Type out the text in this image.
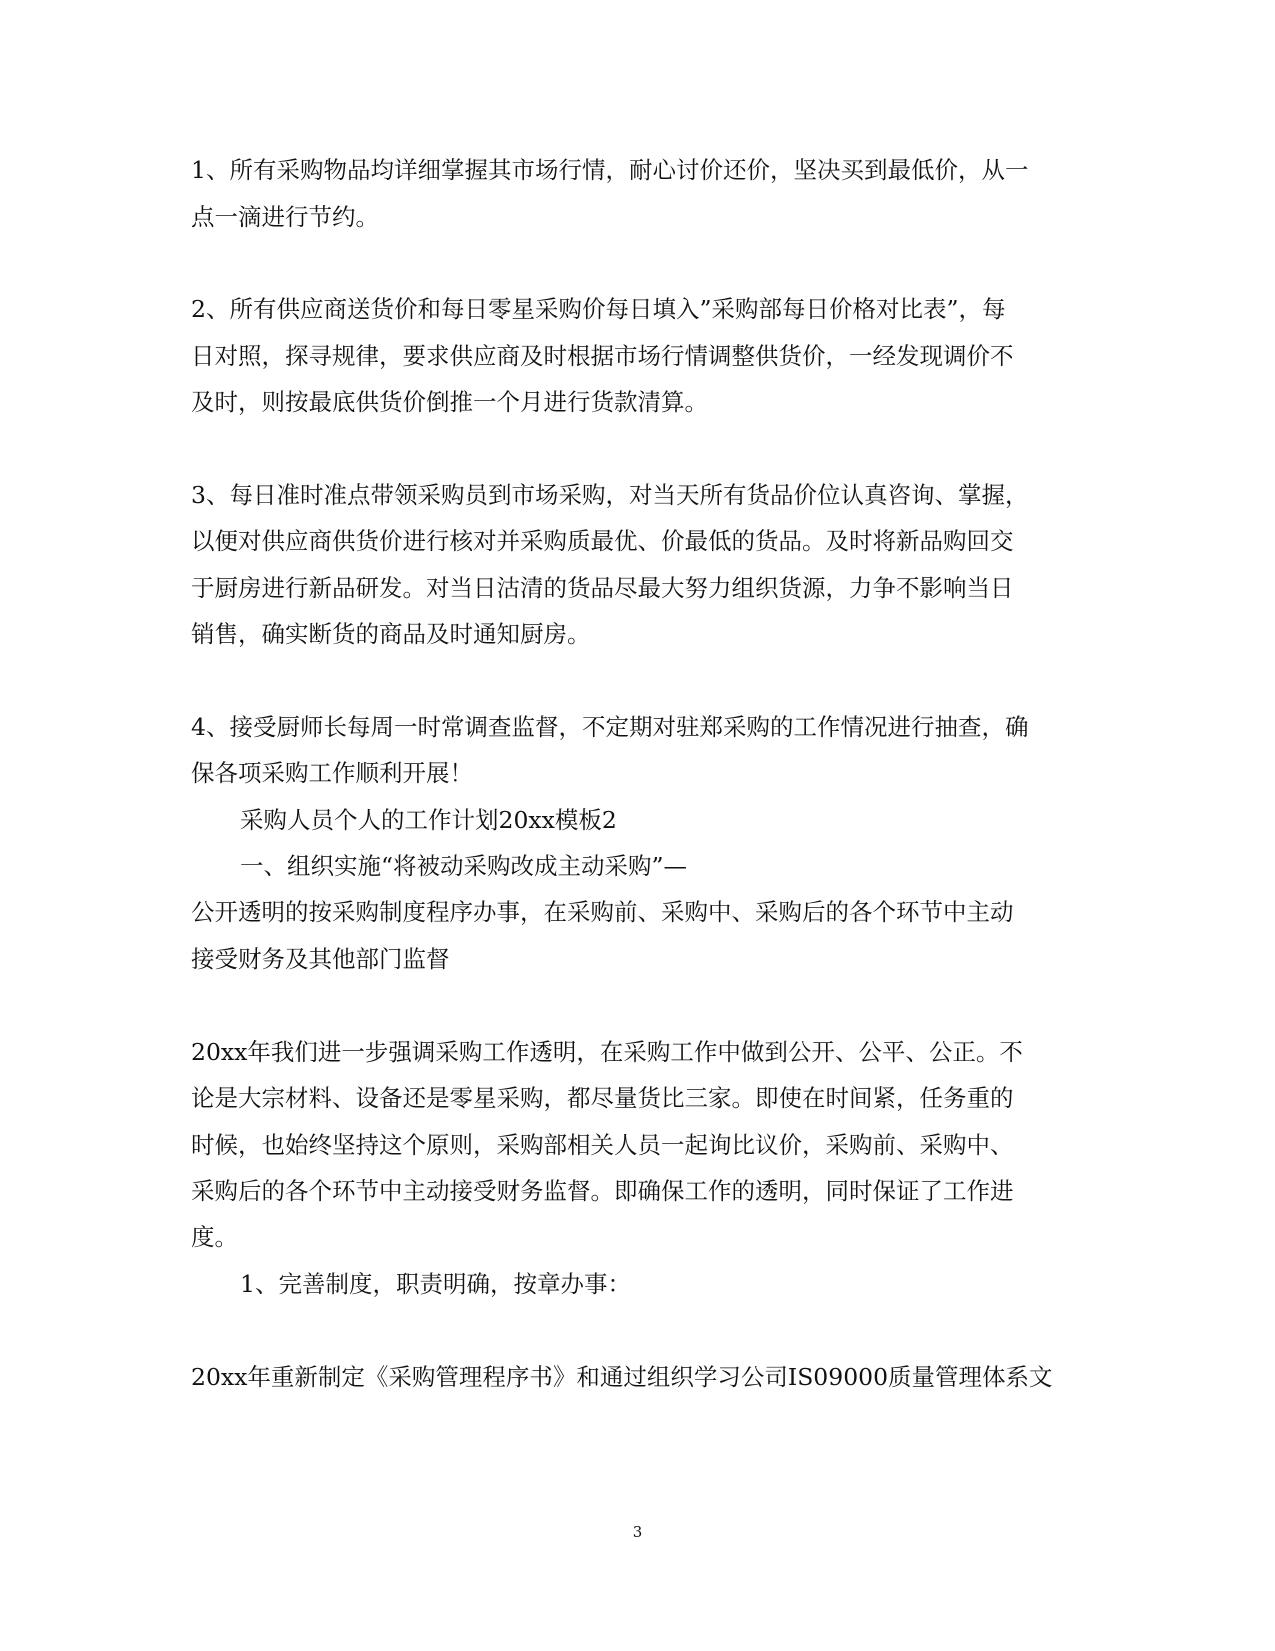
1、所有采购物品均详细掌握其市场行情，耐心讨价还价，坚决买到最低价，从一
点一滴进行节约。
2、所有供应商送货价和每日零星采购价每日填入”采购部每日价格对比表”，每
日对照，探寻规律，要求供应商及时根据市场行情调整供货价，一经发现调价不
及时，则按最底供货价倒推一个月进行货款清算。
3、每日准时准点带领采购员到市场采购，对当天所有货品价位认真咨询、掌握，
以便对供应商供货价进行核对并采购质最优、价最低的货品。及时将新品购回交
于厨房进行新品研发。对当日沽清的货品尽最大努力组织货源，力争不影响当日
销售，确实断货的商品及时通知厨房。
4、接受厨师长每周一时常调查监督，不定期对驻郑采购的工作情况进行抽查，确
保各项采购工作顺利开展！
采购人员个人的工作计划20xx模板2
一、组织实施“将被动采购改成主动采购”—
公开透明的按采购制度程序办事，在采购前、采购中、采购后的各个环节中主动
接受财务及其他部门监督
20xx年我们进一步强调采购工作透明，在采购工作中做到公开、公平、公正。不
论是大宗材料、设备还是零星采购，都尽量货比三家。即使在时间紧，任务重的
时候，也始终坚持这个原则，采购部相关人员一起询比议价，采购前、采购中、
采购后的各个环节中主动接受财务监督。即确保工作的透明，同时保证了工作进
度。
1、完善制度，职责明确，按章办事：
20xx年重新制定《采购管理程序书》和通过组织学习公司IS09000质量管理体系文
3
